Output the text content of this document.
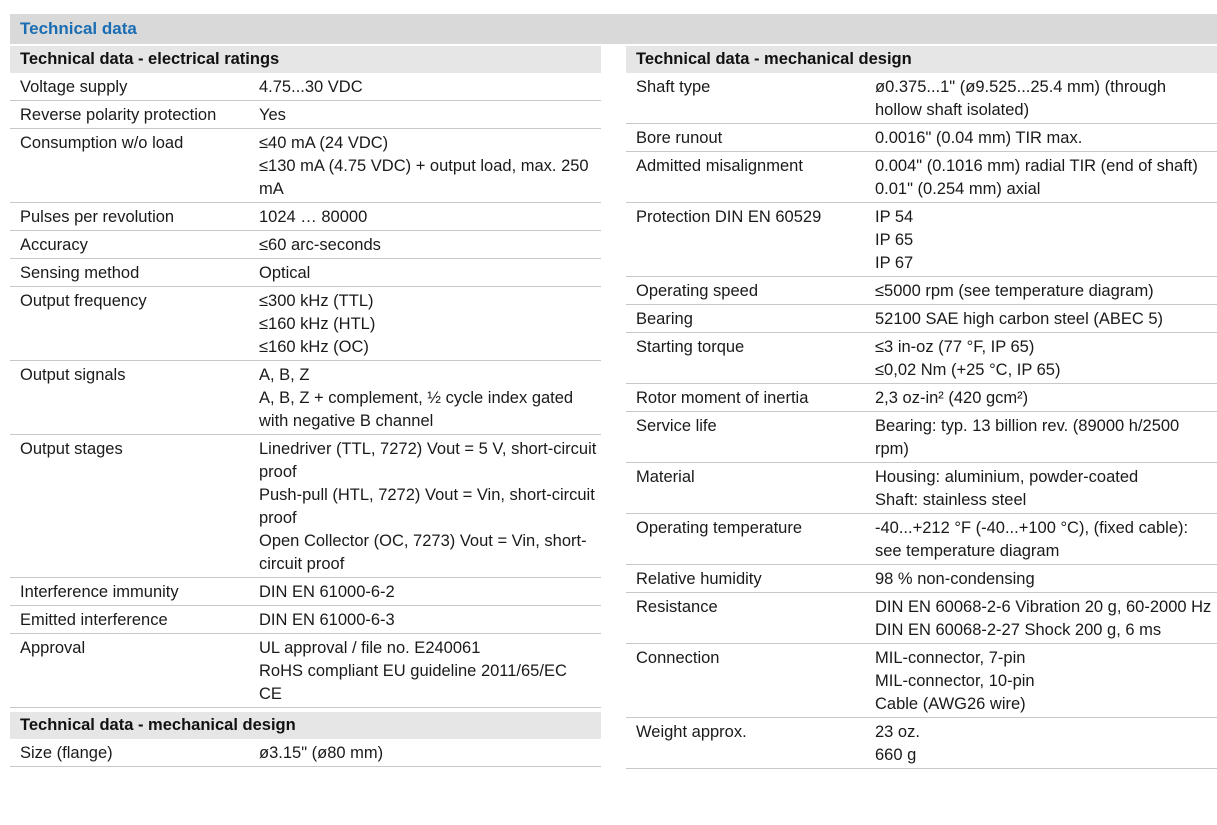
Technical data
Technical data - electrical ratings
Voltage supply	4.75...30 VDC
Reverse polarity protection	Yes
Consumption w/o load	≤40 mA (24 VDC)
≤130 mA (4.75 VDC) + output load, max. 250 mA
Pulses per revolution	1024 … 80000
Accuracy	≤60 arc-seconds
Sensing method	Optical
Output frequency	≤300 kHz (TTL)
≤160 kHz (HTL)
≤160 kHz (OC)
Output signals	A, B, Z
A, B, Z + complement, ½ cycle index gated with negative B channel
Output stages	Linedriver (TTL, 7272) Vout = 5 V, short-circuit proof
Push-pull (HTL, 7272) Vout = Vin, short-circuit proof
Open Collector (OC, 7273) Vout = Vin, short-circuit proof
Interference immunity	DIN EN 61000-6-2
Emitted interference	DIN EN 61000-6-3
Approval	UL approval / file no. E240061
RoHS compliant EU guideline 2011/65/EC
CE
Technical data - mechanical design
Size (flange)	ø3.15" (ø80 mm)
Technical data - mechanical design
Shaft type	ø0.375...1" (ø9.525...25.4 mm) (through hollow shaft isolated)
Bore runout	0.0016" (0.04 mm) TIR max.
Admitted misalignment	0.004" (0.1016 mm) radial TIR (end of shaft)
0.01" (0.254 mm) axial
Protection DIN EN 60529	IP 54
IP 65
IP 67
Operating speed	≤5000 rpm (see temperature diagram)
Bearing	52100 SAE high carbon steel (ABEC 5)
Starting torque	≤3 in-oz (77 °F, IP 65)
≤0,02 Nm (+25 °C, IP 65)
Rotor moment of inertia	2,3 oz-in² (420 gcm²)
Service life	Bearing: typ. 13 billion rev. (89000 h/2500 rpm)
Material	Housing: aluminium, powder-coated
Shaft: stainless steel
Operating temperature	-40...+212 °F (-40...+100 °C), (fixed cable): see temperature diagram
Relative humidity	98 % non-condensing
Resistance	DIN EN 60068-2-6 Vibration 20 g, 60-2000 Hz
DIN EN 60068-2-27 Shock 200 g, 6 ms
Connection	MIL-connector, 7-pin
MIL-connector, 10-pin
Cable (AWG26 wire)
Weight approx.	23 oz.
660 g
